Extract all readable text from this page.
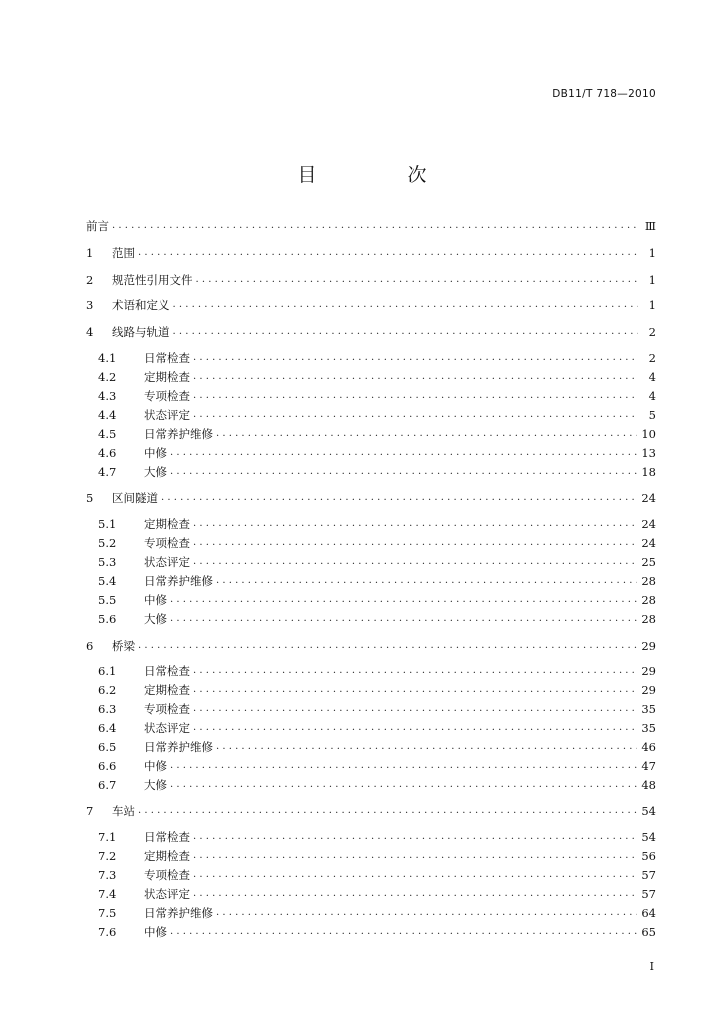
DB11/T 718—2010
目　次
前言 . . .	Ⅲ
1	范围 . . .	1
2	规范性引用文件 . . .	1
3	术语和定义 . . .	1
4	线路与轨道 . . .	2
4.1	日常检查 . . .	2
4.2	定期检查 . . .	4
4.3	专项检查 . . .	4
4.4	状态评定 . . .	5
4.5	日常养护维修 . . .	10
4.6	中修 . . .	13
4.7	大修 . . .	18
5	区间隧道 . . .	24
5.1	定期检查 . . .	24
5.2	专项检查 . . .	24
5.3	状态评定 . . .	25
5.4	日常养护维修 . . .	28
5.5	中修 . . .	28
5.6	大修 . . .	28
6	桥梁 . . .	29
6.1	日常检查 . . .	29
6.2	定期检查 . . .	29
6.3	专项检查 . . .	35
6.4	状态评定 . . .	35
6.5	日常养护维修 . . .	46
6.6	中修 . . .	47
6.7	大修 . . .	48
7	车站 . . .	54
7.1	日常检查 . . .	54
7.2	定期检查 . . .	56
7.3	专项检查 . . .	57
7.4	状态评定 . . .	57
7.5	日常养护维修 . . .	64
7.6	中修 . . .	65
I
